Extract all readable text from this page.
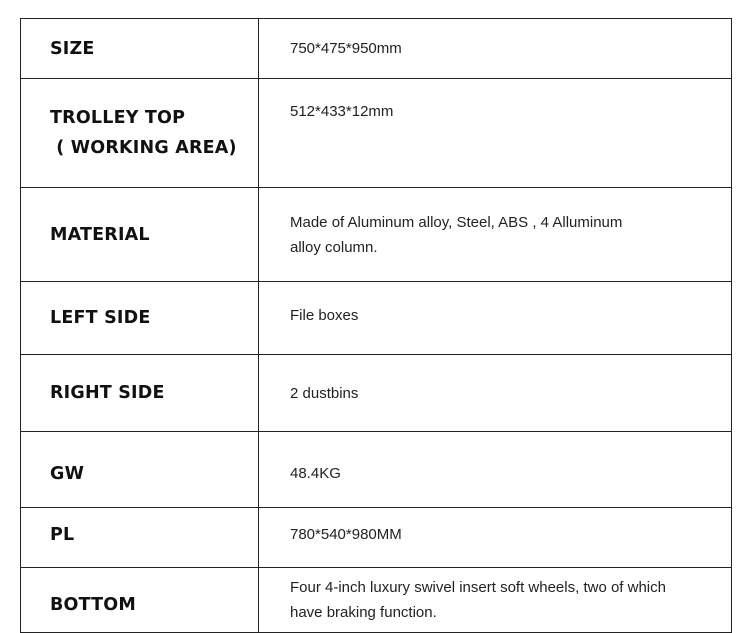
SIZE	750*475*950mm

TROLLEY TOP
( WORKING AREA)	512*433*12mm

MATERIAL	Made of Aluminum alloy, Steel, ABS , 4 Alluminum
alloy column.

LEFT SIDE	File boxes

RIGHT SIDE	2 dustbins

GW	48.4KG

PL	780*540*980MM

BOTTOM	Four 4-inch luxury swivel insert soft wheels, two of which
have braking function.
